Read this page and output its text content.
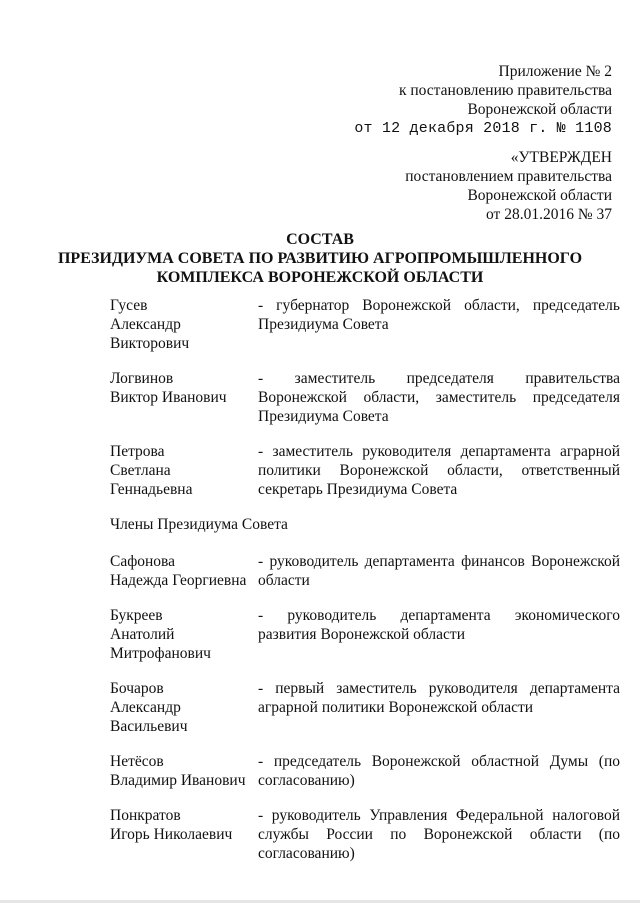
Приложение № 2
к постановлению правительства
Воронежской области
от 12 декабря 2018 г. № 1108
«УТВЕРЖДЕН
постановлением правительства
Воронежской области
от 28.01.2016 № 37
СОСТАВ
ПРЕЗИДИУМА СОВЕТА ПО РАЗВИТИЮ АГРОПРОМЫШЛЕННОГО
КОМПЛЕКСА ВОРОНЕЖСКОЙ ОБЛАСТИ
Гусев
Александр
Викторович
- губернатор Воронежской области, председатель Президиума Совета
Логвинов
Виктор Иванович
- заместитель председателя правительства Воронежской области, заместитель председателя Президиума Совета
Петрова
Светлана
Геннадьевна
- заместитель руководителя департамента аграрной политики Воронежской области, ответственный секретарь Президиума Совета
Члены Президиума Совета
Сафонова
Надежда Георгиевна
- руководитель департамента финансов Воронежской области
Букреев
Анатолий
Митрофанович
- руководитель департамента экономического развития Воронежской области
Бочаров
Александр
Васильевич
- первый заместитель руководителя департамента аграрной политики Воронежской области
Нетёсов
Владимир Иванович
- председатель Воронежской областной Думы (по согласованию)
Понкратов
Игорь Николаевич
- руководитель Управления Федеральной налоговой службы России по Воронежской области (по согласованию)
